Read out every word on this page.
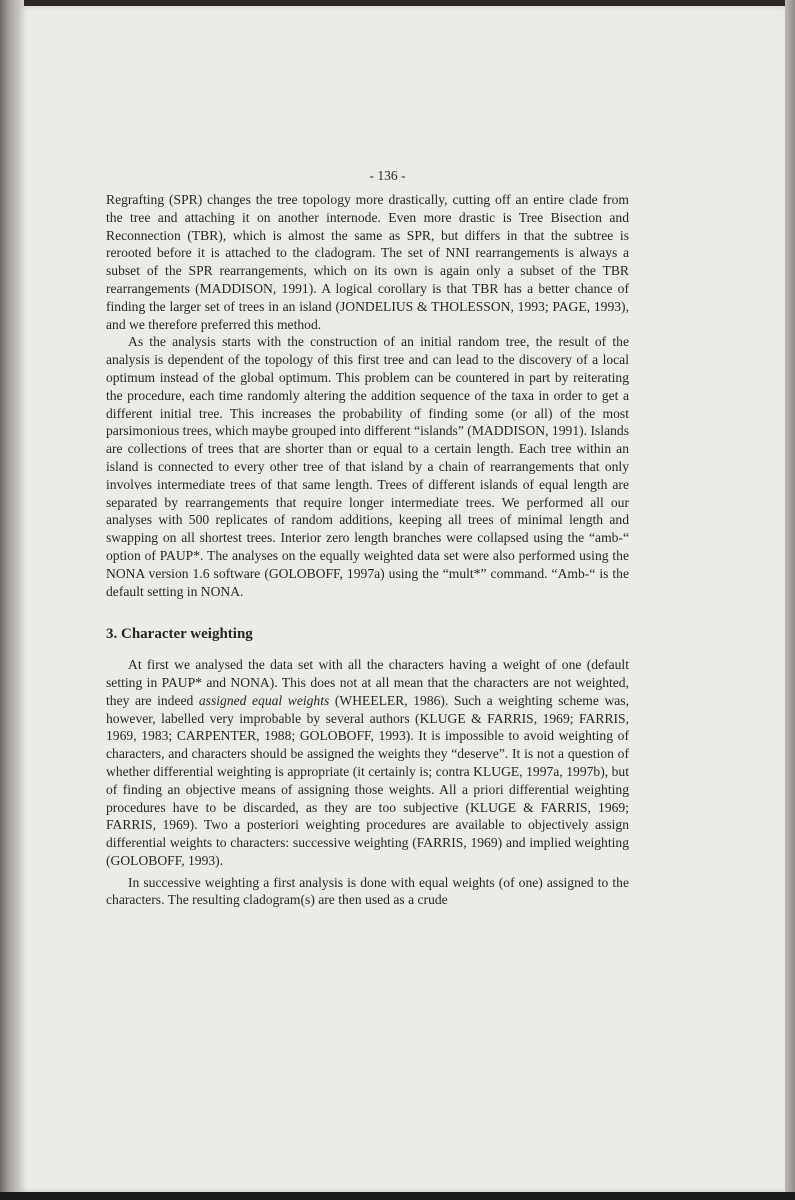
- 136 -

Regrafting (SPR) changes the tree topology more drastically, cutting off an entire clade from the tree and attaching it on another internode. Even more drastic is Tree Bisection and Reconnection (TBR), which is almost the same as SPR, but differs in that the subtree is rerooted before it is attached to the cladogram. The set of NNI rearrangements is always a subset of the SPR rearrangements, which on its own is again only a subset of the TBR rearrangements (MADDISON, 1991). A logical corollary is that TBR has a better chance of finding the larger set of trees in an island (JONDELIUS & THOLESSON, 1993; PAGE, 1993), and we therefore preferred this method.

As the analysis starts with the construction of an initial random tree, the result of the analysis is dependent of the topology of this first tree and can lead to the discovery of a local optimum instead of the global optimum. This problem can be countered in part by reiterating the procedure, each time randomly altering the addition sequence of the taxa in order to get a different initial tree. This increases the probability of finding some (or all) of the most parsimonious trees, which maybe grouped into different “islands” (MADDISON, 1991). Islands are collections of trees that are shorter than or equal to a certain length. Each tree within an island is connected to every other tree of that island by a chain of rearrangements that only involves intermediate trees of that same length. Trees of different islands of equal length are separated by rearrangements that require longer intermediate trees. We performed all our analyses with 500 replicates of random additions, keeping all trees of minimal length and swapping on all shortest trees. Interior zero length branches were collapsed using the “amb-“ option of PAUP*. The analyses on the equally weighted data set were also performed using the NONA version 1.6 software (GOLOBOFF, 1997a) using the “mult*” command. “Amb-“ is the default setting in NONA.

3. Character weighting

At first we analysed the data set with all the characters having a weight of one (default setting in PAUP* and NONA). This does not at all mean that the characters are not weighted, they are indeed assigned equal weights (WHEELER, 1986). Such a weighting scheme was, however, labelled very improbable by several authors (KLUGE & FARRIS, 1969; FARRIS, 1969, 1983; CARPENTER, 1988; GOLOBOFF, 1993). It is impossible to avoid weighting of characters, and characters should be assigned the weights they “deserve”. It is not a question of whether differential weighting is appropriate (it certainly is; contra KLUGE, 1997a, 1997b), but of finding an objective means of assigning those weights. All a priori differential weighting procedures have to be discarded, as they are too subjective (KLUGE & FARRIS, 1969; FARRIS, 1969). Two a posteriori weighting procedures are available to objectively assign differential weights to characters: successive weighting (FARRIS, 1969) and implied weighting (GOLOBOFF, 1993).

In successive weighting a first analysis is done with equal weights (of one) assigned to the characters. The resulting cladogram(s) are then used as a crude
